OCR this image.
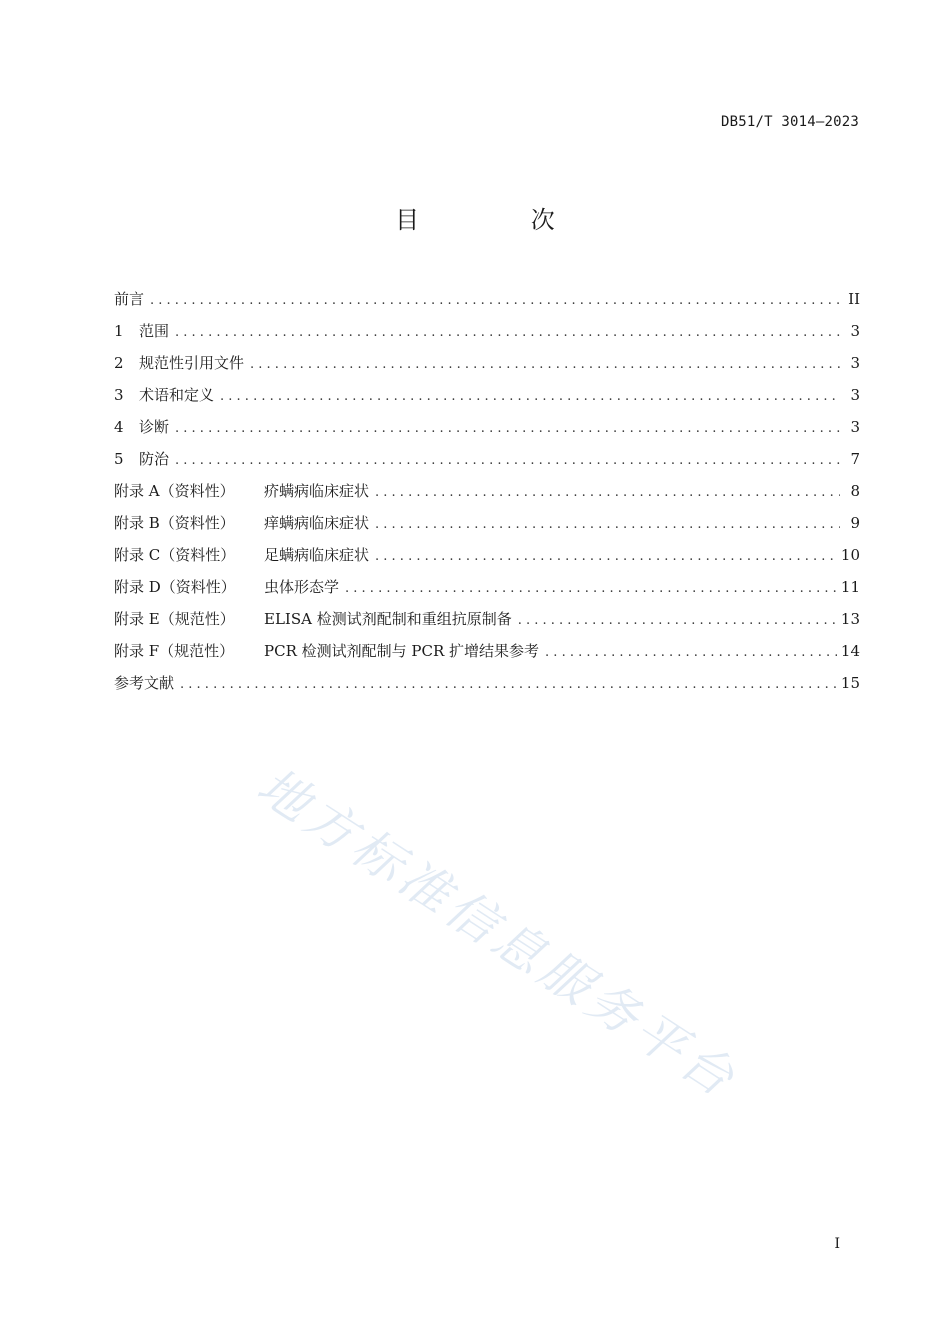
DB51/T 3014—2023
目 次
前言 . . .	II
1	范围 . . .	3
2	规范性引用文件 . . .	3
3	术语和定义 . . .	3
4	诊断 . . .	3
5	防治 . . .	7
附录 A（资料性）	疥螨病临床症状 . . .	8
附录 B（资料性）	痒螨病临床症状 . . .	9
附录 C（资料性）	足螨病临床症状 . . .	10
附录 D（资料性）	虫体形态学 . . .	11
附录 E（规范性）	ELISA 检测试剂配制和重组抗原制备 . . .	13
附录 F（规范性）	PCR 检测试剂配制与 PCR 扩增结果参考 . . .	14
参考文献 . . .	15
地方标准信息服务平台
I
